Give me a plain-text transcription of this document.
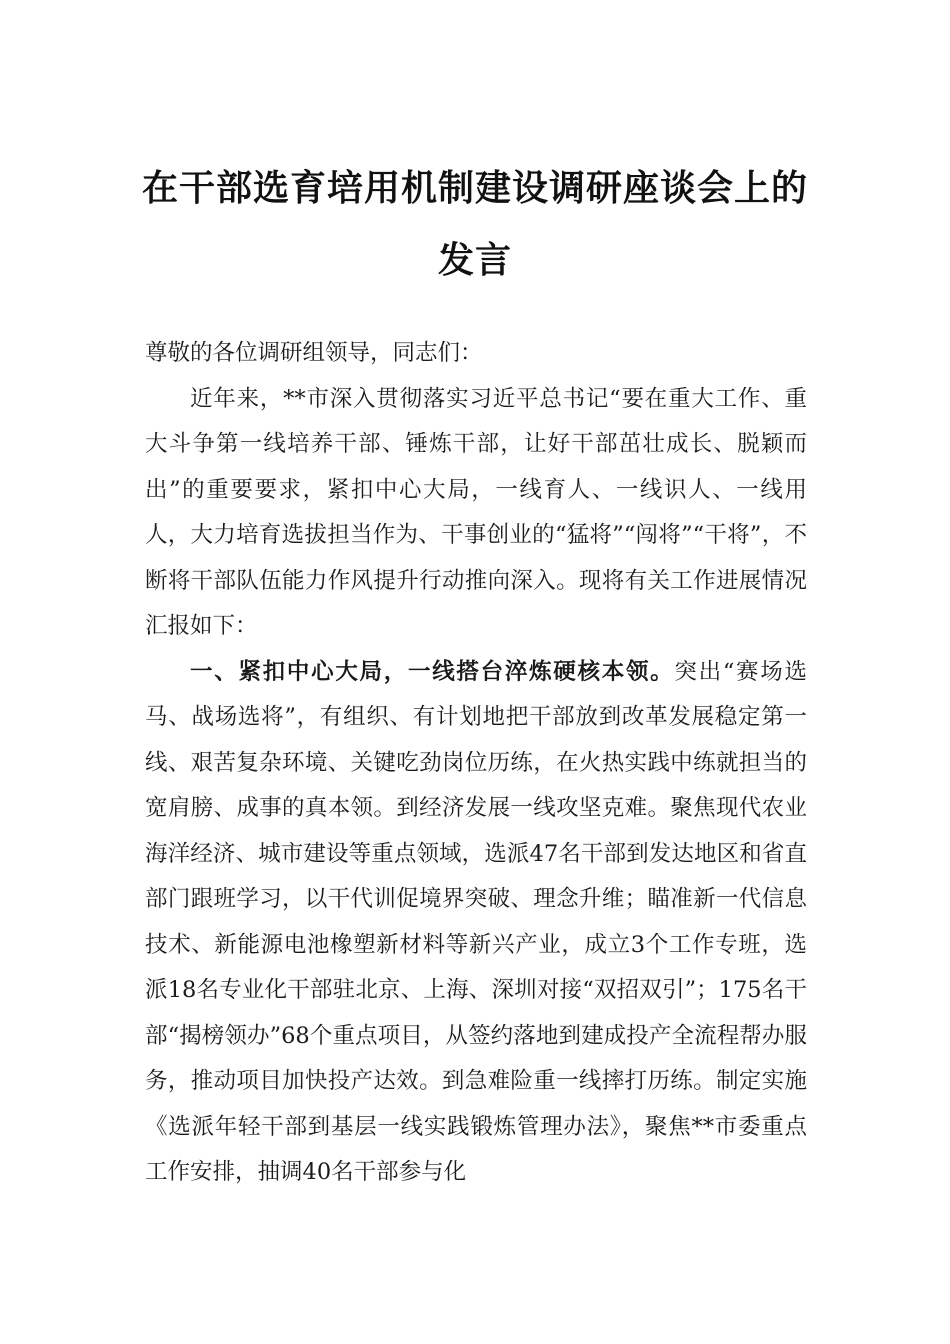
在干部选育培用机制建设调研座谈会上的
发言

尊敬的各位调研组领导，同志们：

近年来，**市深入贯彻落实习近平总书记“要在重大工作、重大斗争第一线培养干部、锤炼干部，让好干部茁壮成长、脱颖而出”的重要要求，紧扣中心大局，一线育人、一线识人、一线用人，大力培育选拔担当作为、干事创业的“猛将”“闯将”“干将”，不断将干部队伍能力作风提升行动推向深入。现将有关工作进展情况汇报如下：

一、紧扣中心大局，一线搭台淬炼硬核本领。突出“赛场选马、战场选将”，有组织、有计划地把干部放到改革发展稳定第一线、艰苦复杂环境、关键吃劲岗位历练，在火热实践中练就担当的宽肩膀、成事的真本领。到经济发展一线攻坚克难。聚焦现代农业海洋经济、城市建设等重点领域，选派47名干部到发达地区和省直部门跟班学习，以干代训促境界突破、理念升维；瞄准新一代信息技术、新能源电池橡塑新材料等新兴产业，成立3个工作专班，选派18名专业化干部驻北京、上海、深圳对接“双招双引”；175名干部“揭榜领办”68个重点项目，从签约落地到建成投产全流程帮办服务，推动项目加快投产达效。到急难险重一线摔打历练。制定实施《选派年轻干部到基层一线实践锻炼管理办法》，聚焦**市委重点工作安排，抽调40名干部参与化
